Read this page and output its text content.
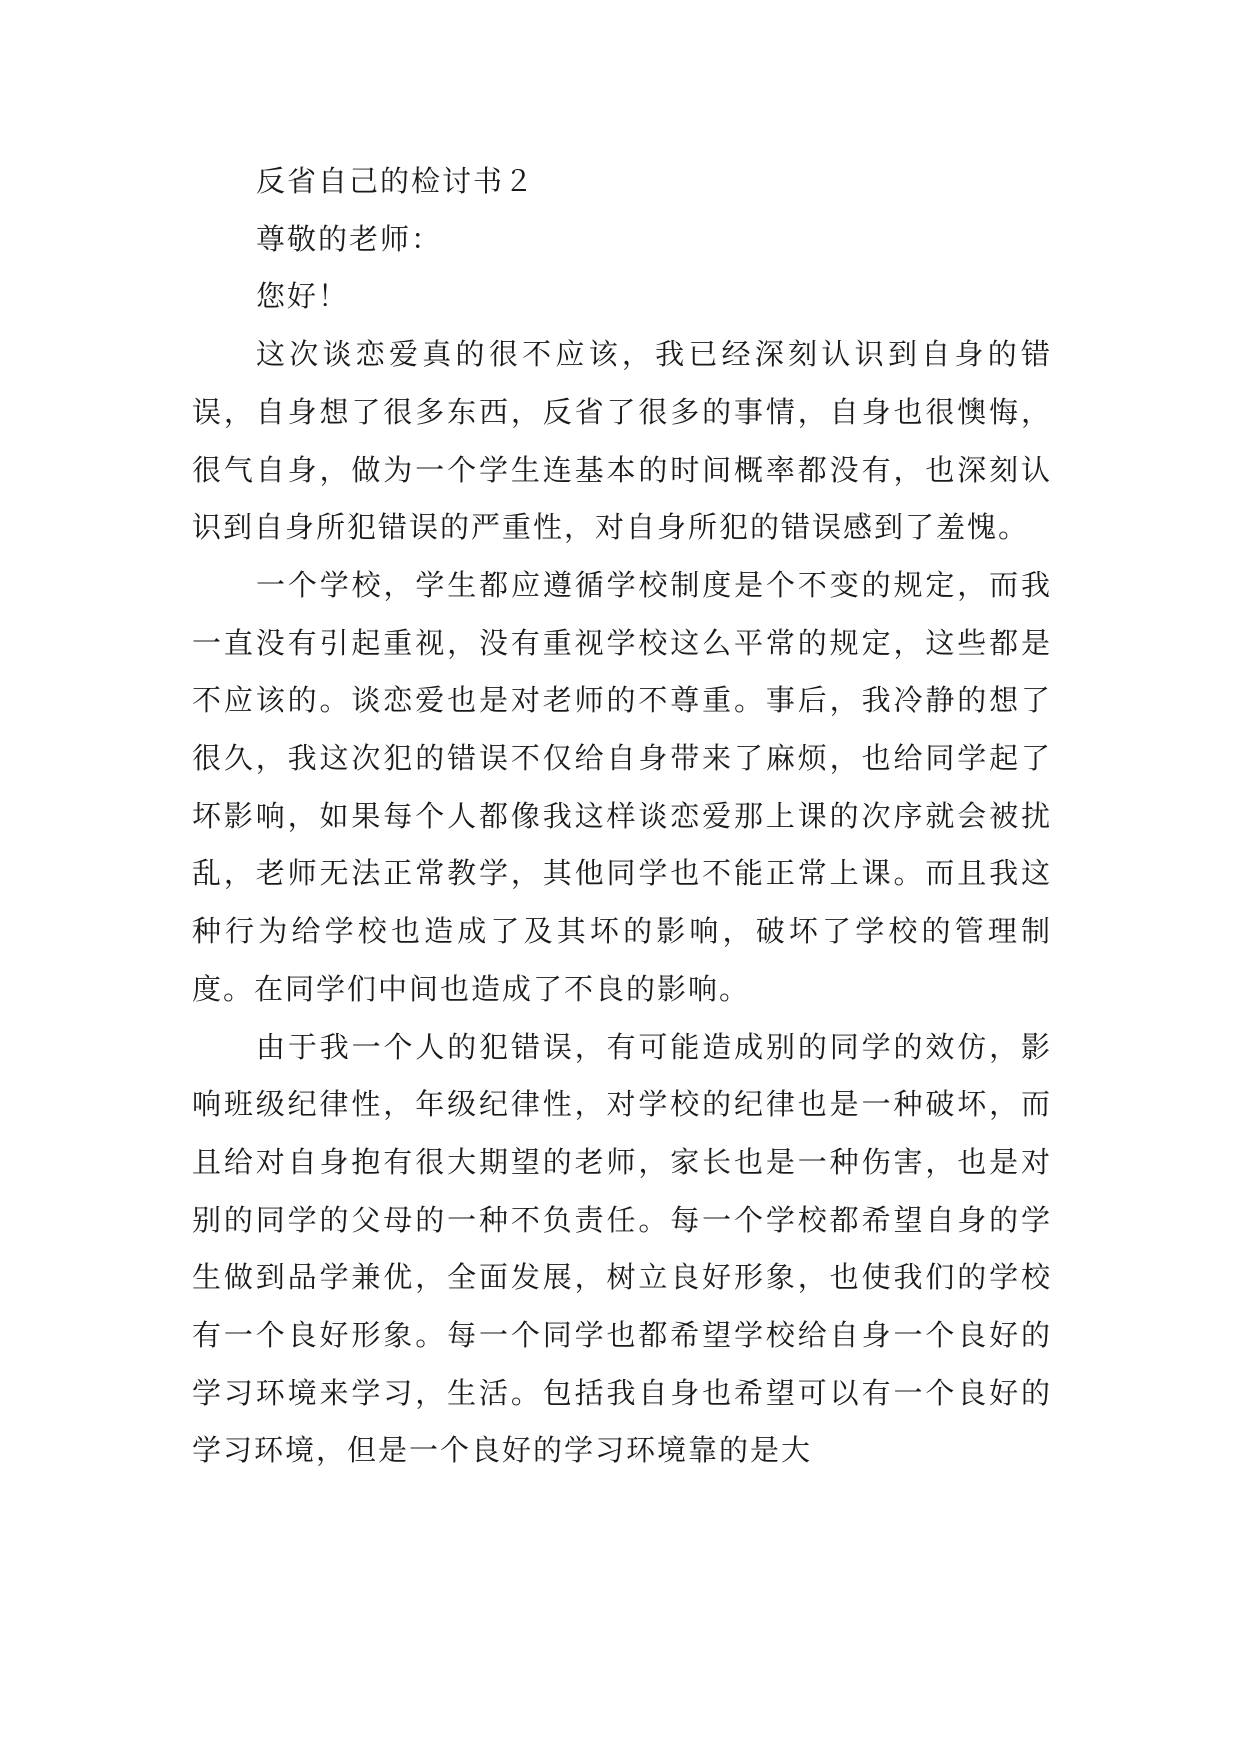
反省自己的检讨书２

尊敬的老师：

您好！

这次谈恋爱真的很不应该，我已经深刻认识到自身的错误，自身想了很多东西，反省了很多的事情，自身也很懊悔，很气自身，做为一个学生连基本的时间概率都没有，也深刻认识到自身所犯错误的严重性，对自身所犯的错误感到了羞愧。

一个学校，学生都应遵循学校制度是个不变的规定，而我一直没有引起重视，没有重视学校这么平常的规定，这些都是不应该的。谈恋爱也是对老师的不尊重。事后，我冷静的想了很久，我这次犯的错误不仅给自身带来了麻烦，也给同学起了坏影响，如果每个人都像我这样谈恋爱那上课的次序就会被扰乱，老师无法正常教学，其他同学也不能正常上课。而且我这种行为给学校也造成了及其坏的影响，破坏了学校的管理制度。在同学们中间也造成了不良的影响。

由于我一个人的犯错误，有可能造成别的同学的效仿，影响班级纪律性，年级纪律性，对学校的纪律也是一种破坏，而且给对自身抱有很大期望的老师，家长也是一种伤害，也是对别的同学的父母的一种不负责任。每一个学校都希望自身的学生做到品学兼优，全面发展，树立良好形象，也使我们的学校有一个良好形象。每一个同学也都希望学校给自身一个良好的学习环境来学习，生活。包括我自身也希望可以有一个良好的学习环境，但是一个良好的学习环境靠的是大
